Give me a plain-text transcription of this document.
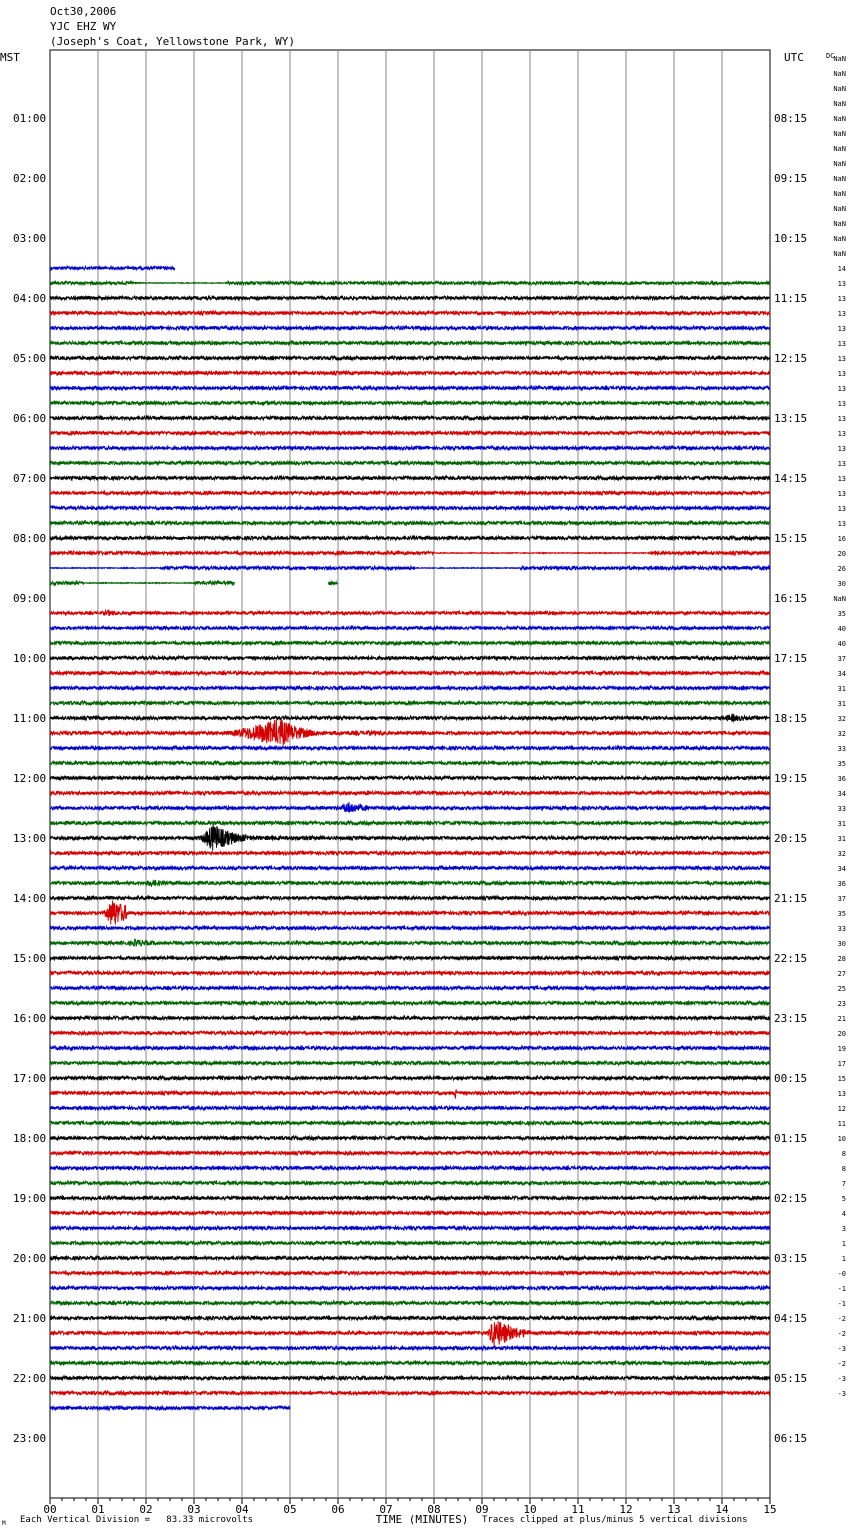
Oct30,2006
YJC EHZ WY
(Joseph's Coat, Yellowstone Park, WY)
00	01	02	03	04	05	06	07	08	09	10	11	12	13	14	15
TIME (MINUTES)
MST	UTC	DC
01:00
02:00
03:00
04:00
05:00
06:00
07:00
08:00
09:00
10:00
11:00
12:00
13:00
14:00
15:00
16:00
17:00
18:00
19:00
20:00
21:00
22:00
23:00
08:15
09:15
10:15
11:15
12:15
13:15
14:15
15:15
16:15
17:15
18:15
19:15
20:15
21:15
22:15
23:15
00:15
01:15
02:15
03:15
04:15
05:15
06:15
NaN
NaN
NaN
NaN
NaN
NaN
NaN
NaN
NaN
NaN
NaN
NaN
NaN
NaN
14
13
13
13
13
13
13
13
13
13
13
13
13
13
13
13
13
13
16
20
26
30
NaN
35
40
40
37
34
31
31
32
32
33
35
36
34
33
31
31
32
34
36
37
35
33
30
28
27
25
23
21
20
19
17
15
13
12
11
10
8
8
7
5
4
3
1
1
-0
-1
-1
-2
-2
-3
-2
-3
-3
M Each Vertical Division =   83.33 microvolts	Traces clipped at plus/minus 5 vertical divisions
